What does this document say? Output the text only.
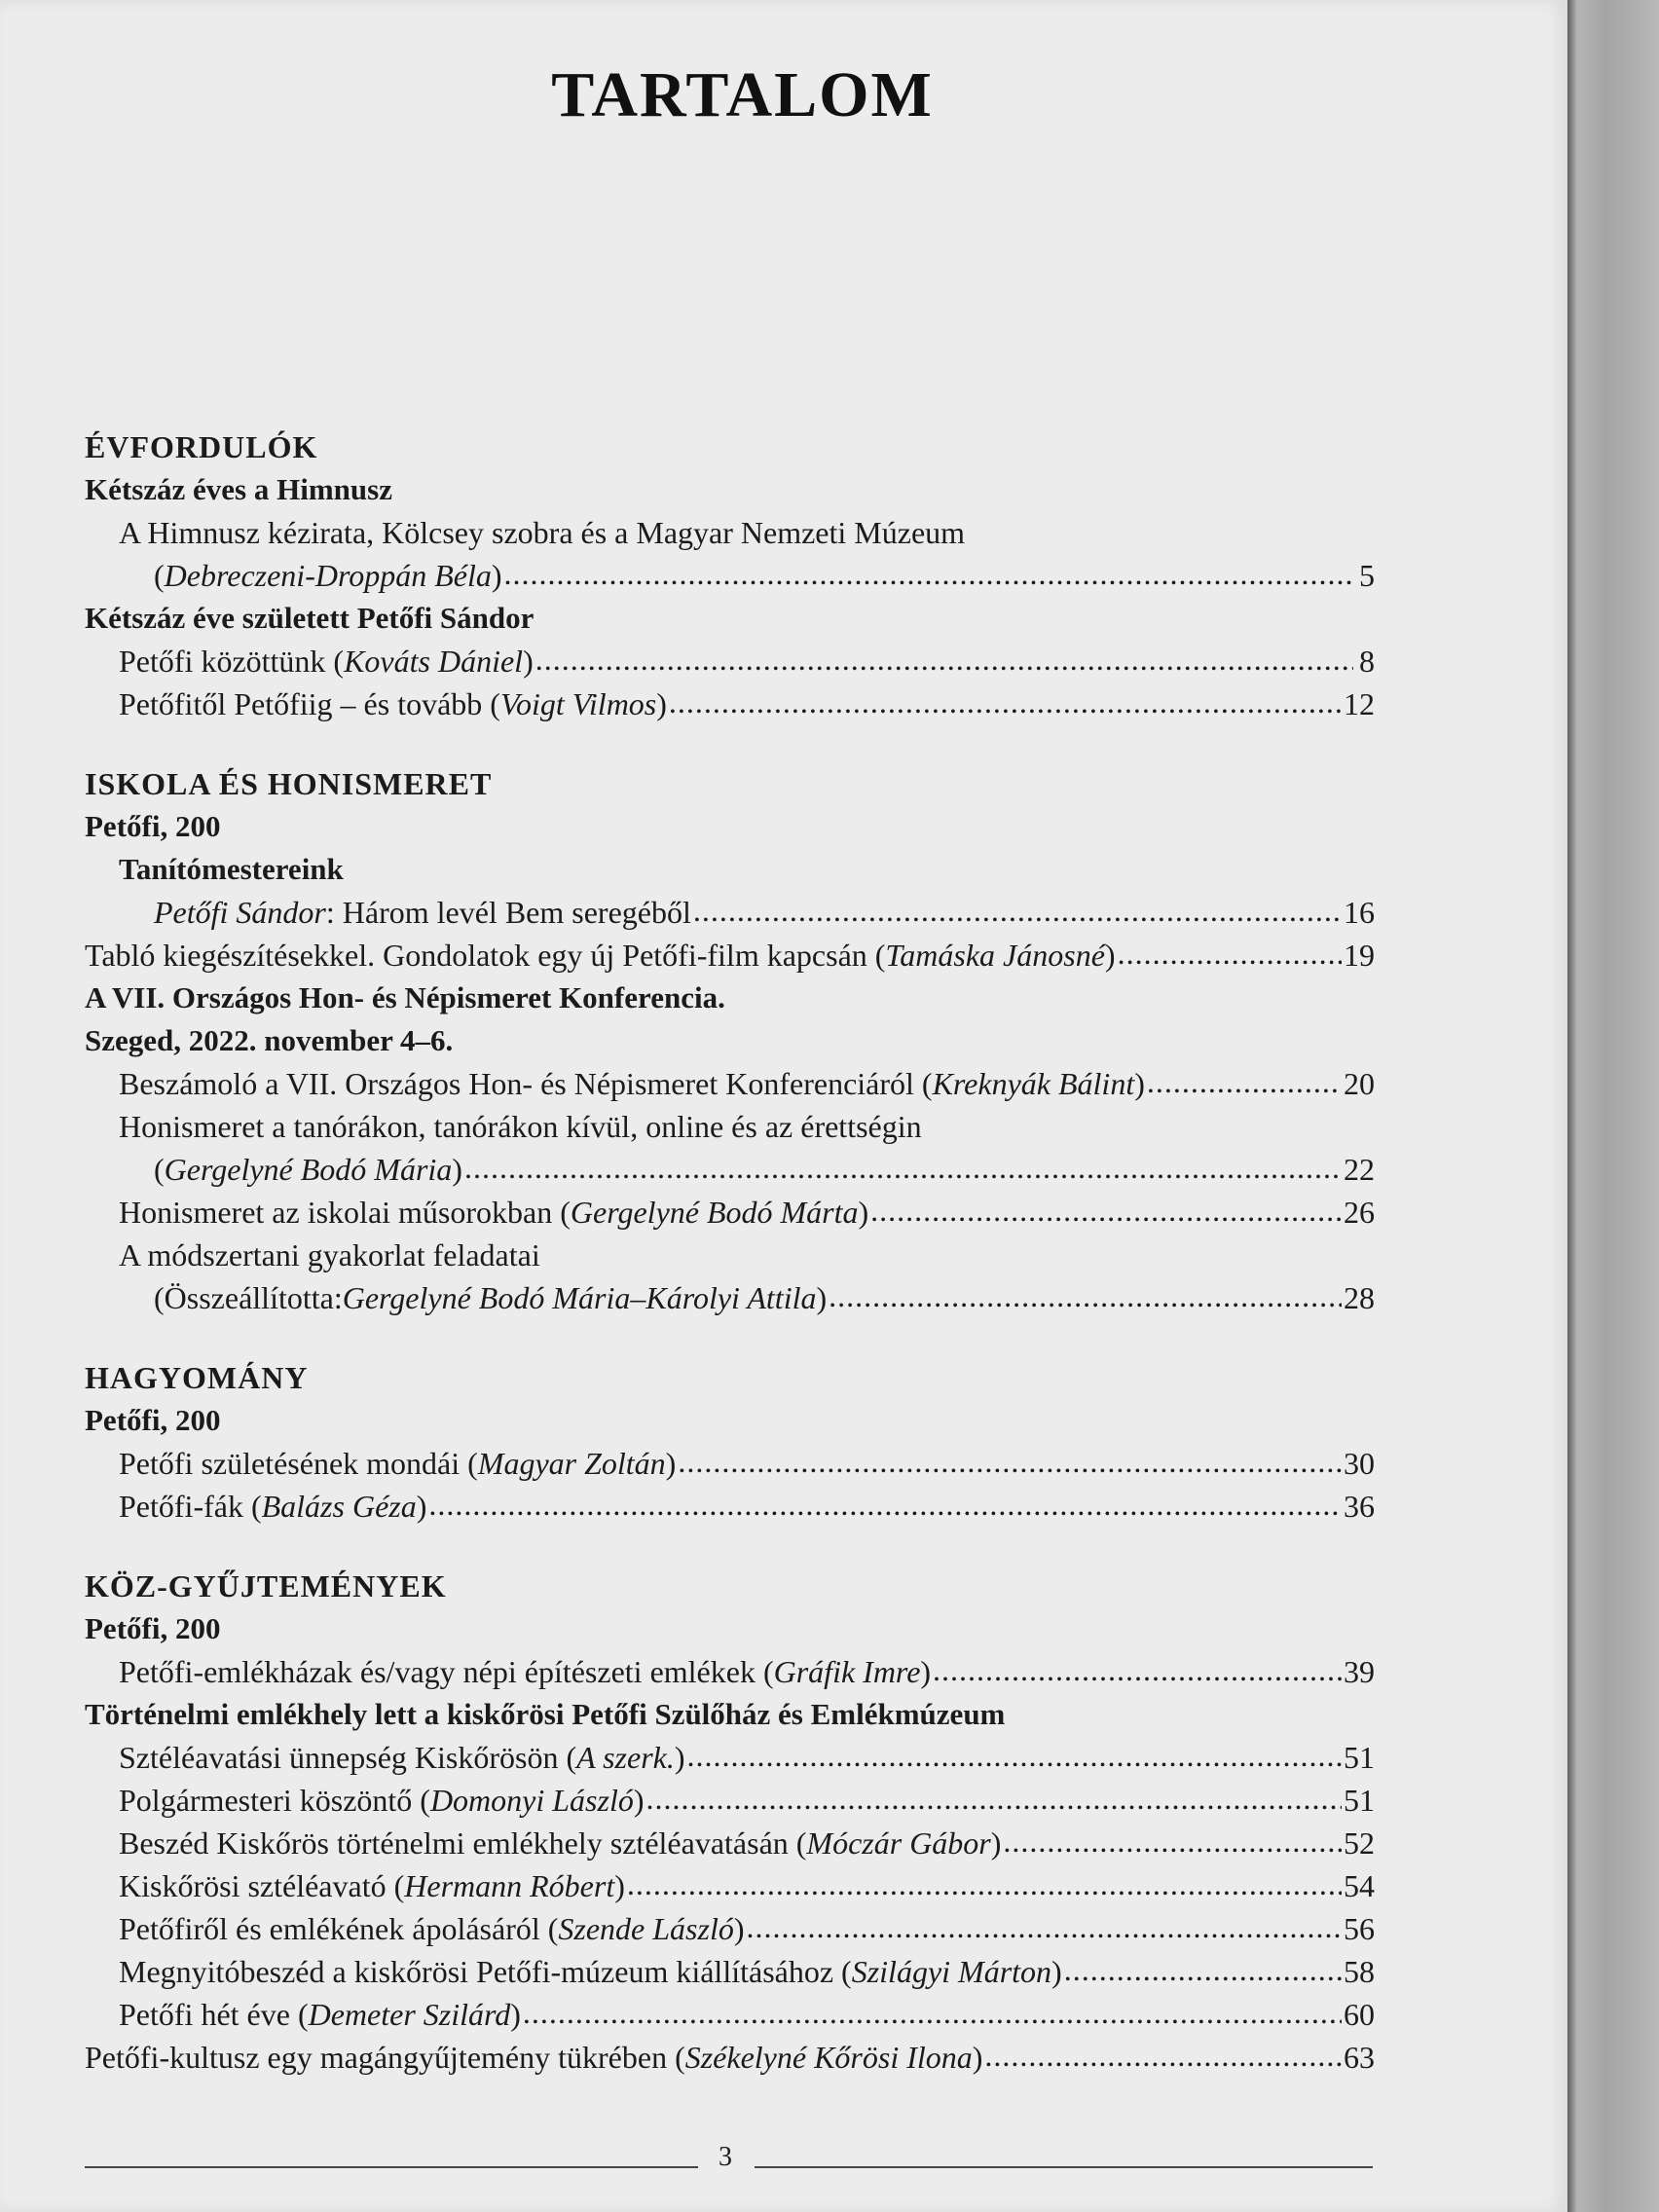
TARTALOM
ÉVFORDULÓK
Kétszáz éves a Himnusz
A Himnusz kézirata, Kölcsey szobra és a Magyar Nemzeti Múzeum
( Debreczeni-Droppán Béla ) .....	5
Kétszáz éve született Petőfi Sándor
Petőfi közöttünk ( Kováts Dániel ) .....	8
Petőfitől Petőfiig – és tovább ( Voigt Vilmos ) .....	12
ISKOLA ÉS HONISMERET
Petőfi, 200
Tanítómestereink
Petőfi Sándor : Három levél Bem seregéből .....	16
Tabló kiegészítésekkel. Gondolatok egy új Petőfi-film kapcsán ( Tamáska Jánosné ) .....	19
A VII. Országos Hon- és Népismeret Konferencia.
Szeged, 2022. november 4–6.
Beszámoló a VII. Országos Hon- és Népismeret Konferenciáról ( Kreknyák Bálint ) .....	20
Honismeret a tanórákon, tanórákon kívül, online és az érettségin
( Gergelyné Bodó Mária ) .....	22
Honismeret az iskolai műsorokban ( Gergelyné Bodó Márta ) .....	26
A módszertani gyakorlat feladatai
(Összeállította: Gergelyné Bodó Mária–Károlyi Attila ) .....	28
HAGYOMÁNY
Petőfi, 200
Petőfi születésének mondái ( Magyar Zoltán ) .....	30
Petőfi-fák ( Balázs Géza ) .....	36
KÖZ-GYŰJTEMÉNYEK
Petőfi, 200
Petőfi-emlékházak és/vagy népi építészeti emlékek ( Gráfik Imre ) .....	39
Történelmi emlékhely lett a kiskőrösi Petőfi Szülőház és Emlékmúzeum
Sztéléavatási ünnepség Kiskőrösön ( A szerk. ) .....	51
Polgármesteri köszöntő ( Domonyi László ) .....	51
Beszéd Kiskőrös történelmi emlékhely sztéléavatásán ( Móczár Gábor ) .....	52
Kiskőrösi sztéléavató ( Hermann Róbert ) .....	54
Petőfiről és emlékének ápolásáról ( Szende László ) .....	56
Megnyitóbeszéd a kiskőrösi Petőfi-múzeum kiállításához ( Szilágyi Márton ) .....	58
Petőfi hét éve ( Demeter Szilárd ) .....	60
Petőfi-kultusz egy magángyűjtemény tükrében ( Székelyné Kőrösi Ilona ) .....	63
3
